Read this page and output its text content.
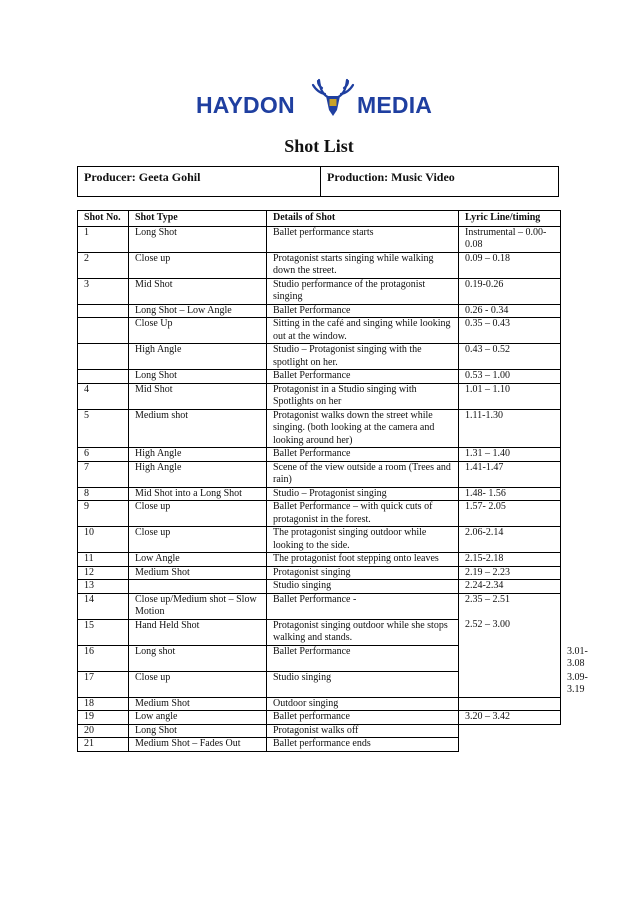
HAYDON	MEDIA
Shot List
Producer: Geeta Gohil	Production: Music Video
Shot No.	Shot Type	Details of Shot	Lyric Line/timing	
1	Long Shot	Ballet performance starts	Instrumental – 0.00-0.08	
2	Close up	Protagonist starts singing while walking down the street.	0.09 – 0.18	
3	Mid Shot	Studio performance of the protagonist singing	0.19-0.26	
	Long Shot – Low Angle	Ballet Performance	0.26 - 0.34	
	Close Up	Sitting in the café and singing while looking out at the window.	0.35 – 0.43	
	High Angle	Studio – Protagonist singing with the spotlight on her.	0.43 – 0.52	
	Long Shot	Ballet Performance	0.53 – 1.00	
4	Mid Shot	Protagonist in a Studio singing with Spotlights on her	1.01 – 1.10	
5	Medium shot	Protagonist walks down the street while singing. (both looking at the camera and looking around her)	1.11-1.30	
6	High Angle	Ballet Performance	1.31 – 1.40	
7	High Angle	Scene of the view outside a room (Trees and rain)	1.41-1.47	
8	Mid Shot into a Long Shot	Studio – Protagonist singing	1.48- 1.56	
9	Close up	Ballet Performance – with quick cuts of protagonist in the forest.	1.57- 2.05	
10	Close up	The protagonist singing outdoor while looking to the side.	2.06-2.14	
11	Low Angle	The protagonist foot stepping onto leaves	2.15-2.18	
12	Medium Shot	Protagonist singing	2.19 – 2.23	
13		Studio singing	2.24-2.34	
14	Close up/Medium shot – Slow Motion	Ballet Performance -	2.35 – 2.51	
15	Hand Held Shot	Protagonist singing outdoor while she stops walking and stands.	2.52 – 3.00	
16	Long shot	Ballet Performance		3.01-3.08
17	Close up	Studio singing		3.09-3.19
18	Medium Shot	Outdoor singing		
19	Low angle	Ballet performance	3.20 – 3.42	
20	Long Shot	Protagonist walks off		
21	Medium Shot – Fades Out	Ballet performance ends		
